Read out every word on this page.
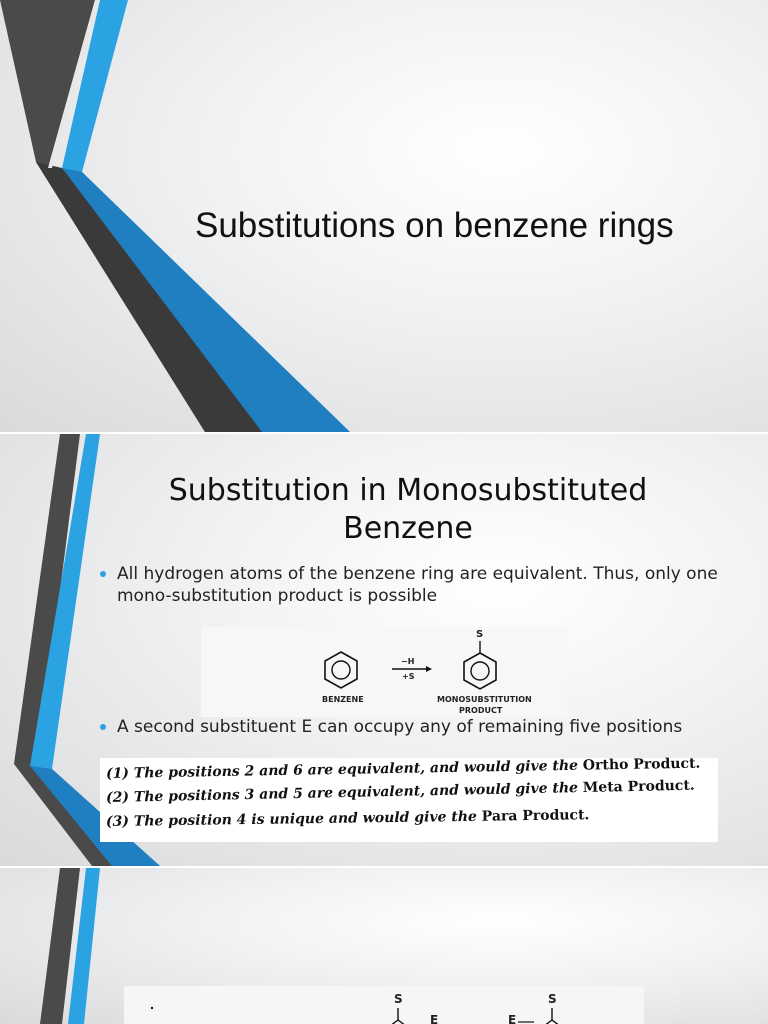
Substitutions on benzene rings
Substitution in Monosubstituted Benzene
All hydrogen atoms of the benzene ring are equivalent. Thus, only one mono-substitution product is possible
BENZENE
−H
+S
S
MONOSUBSTITUTION
PRODUCT
A second substituent E can occupy any of remaining five positions
(1) The positions 2 and 6 are equivalent, and would give the Ortho Product.
(2) The positions 3 and 5 are equivalent, and would give the Meta Product.
(3) The position 4 is unique and would give the Para Product.
S	S
E	E
